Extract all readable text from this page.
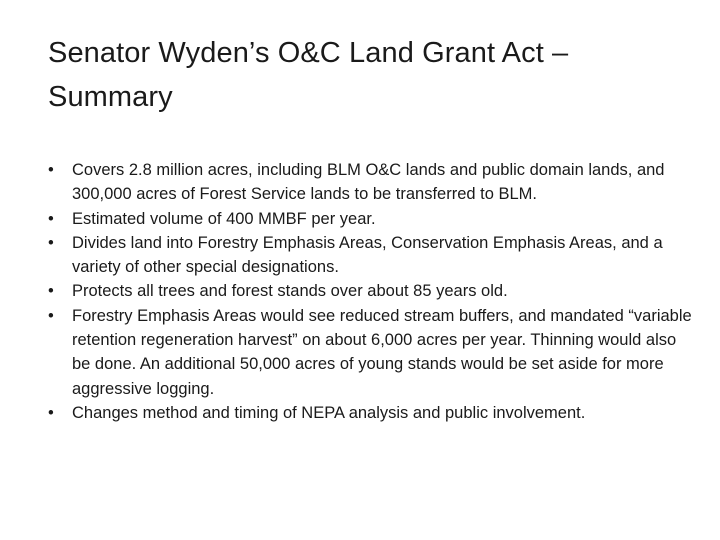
Senator Wyden’s O&C Land Grant Act – Summary
•	Covers 2.8 million acres, including BLM O&C lands and public domain lands, and 300,000 acres of Forest Service lands to be transferred to BLM.
•	Estimated volume of 400 MMBF per year.
•	Divides land into Forestry Emphasis Areas, Conservation Emphasis Areas, and a variety of other special designations.
•	Protects all trees and forest stands over about 85 years old.
•	Forestry Emphasis Areas would see reduced stream buffers, and mandated “variable retention regeneration harvest” on about 6,000 acres per year. Thinning would also be done. An additional 50,000 acres of young stands would be set aside for more aggressive logging.
•	Changes method and timing of NEPA analysis and public involvement.
